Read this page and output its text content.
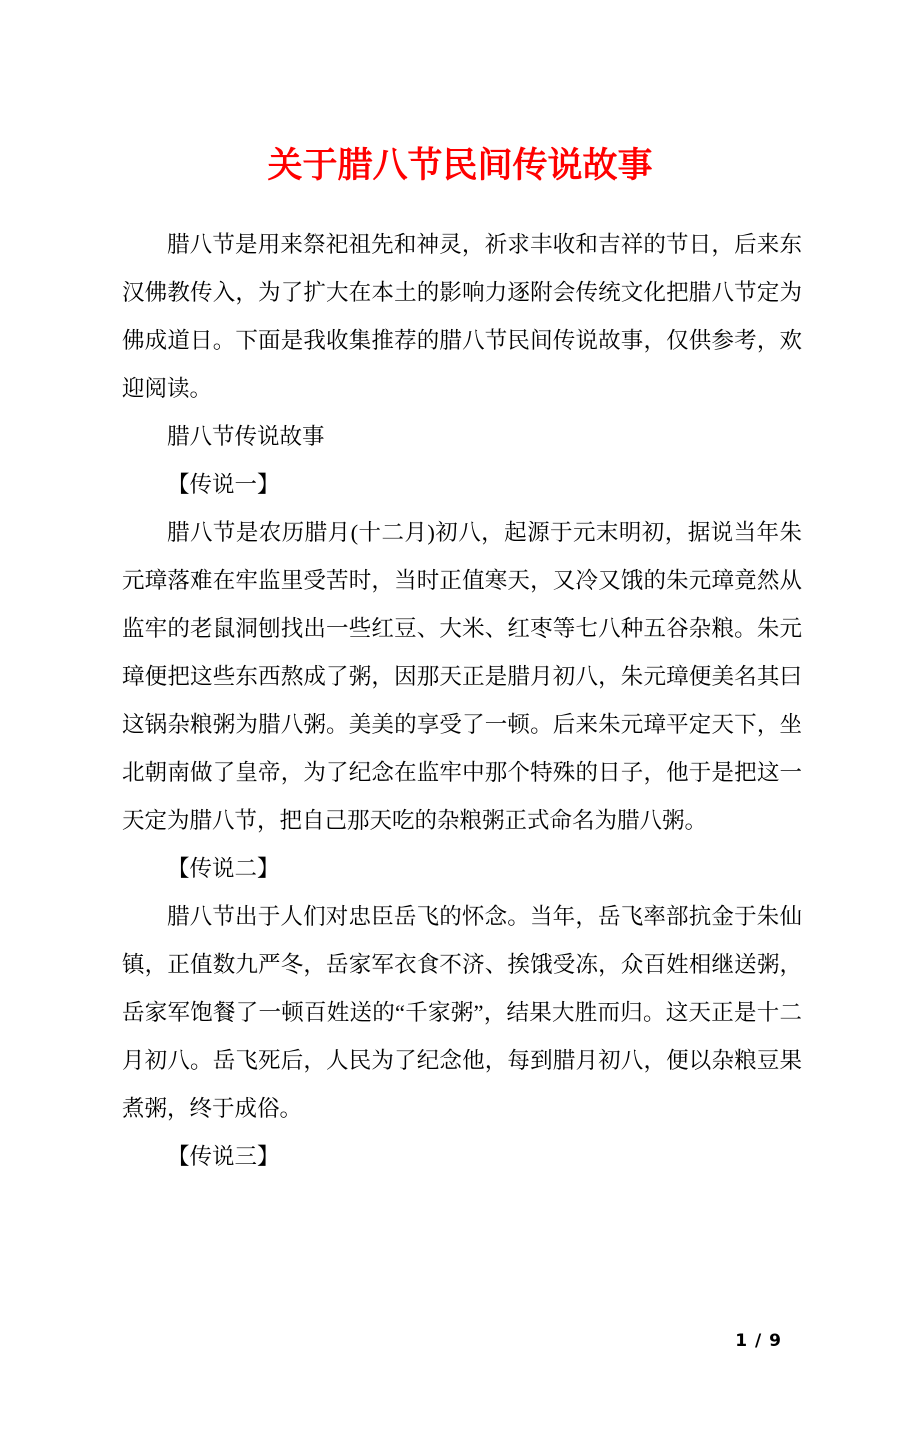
关于腊八节民间传说故事

腊八节是用来祭祀祖先和神灵，祈求丰收和吉祥的节日，后来东汉佛教传入，为了扩大在本土的影响力逐附会传统文化把腊八节定为佛成道日。下面是我收集推荐的腊八节民间传说故事，仅供参考，欢迎阅读。

腊八节传说故事

【传说一】

腊八节是农历腊月(十二月)初八，起源于元末明初，据说当年朱元璋落难在牢监里受苦时，当时正值寒天，又冷又饿的朱元璋竟然从监牢的老鼠洞刨找出一些红豆、大米、红枣等七八种五谷杂粮。朱元璋便把这些东西熬成了粥，因那天正是腊月初八，朱元璋便美名其曰这锅杂粮粥为腊八粥。美美的享受了一顿。后来朱元璋平定天下，坐北朝南做了皇帝，为了纪念在监牢中那个特殊的日子，他于是把这一天定为腊八节，把自己那天吃的杂粮粥正式命名为腊八粥。

【传说二】

腊八节出于人们对忠臣岳飞的怀念。当年，岳飞率部抗金于朱仙镇，正值数九严冬，岳家军衣食不济、挨饿受冻，众百姓相继送粥，岳家军饱餐了一顿百姓送的“千家粥”，结果大胜而归。这天正是十二月初八。岳飞死后，人民为了纪念他，每到腊月初八，便以杂粮豆果煮粥，终于成俗。

【传说三】

1 / 9
